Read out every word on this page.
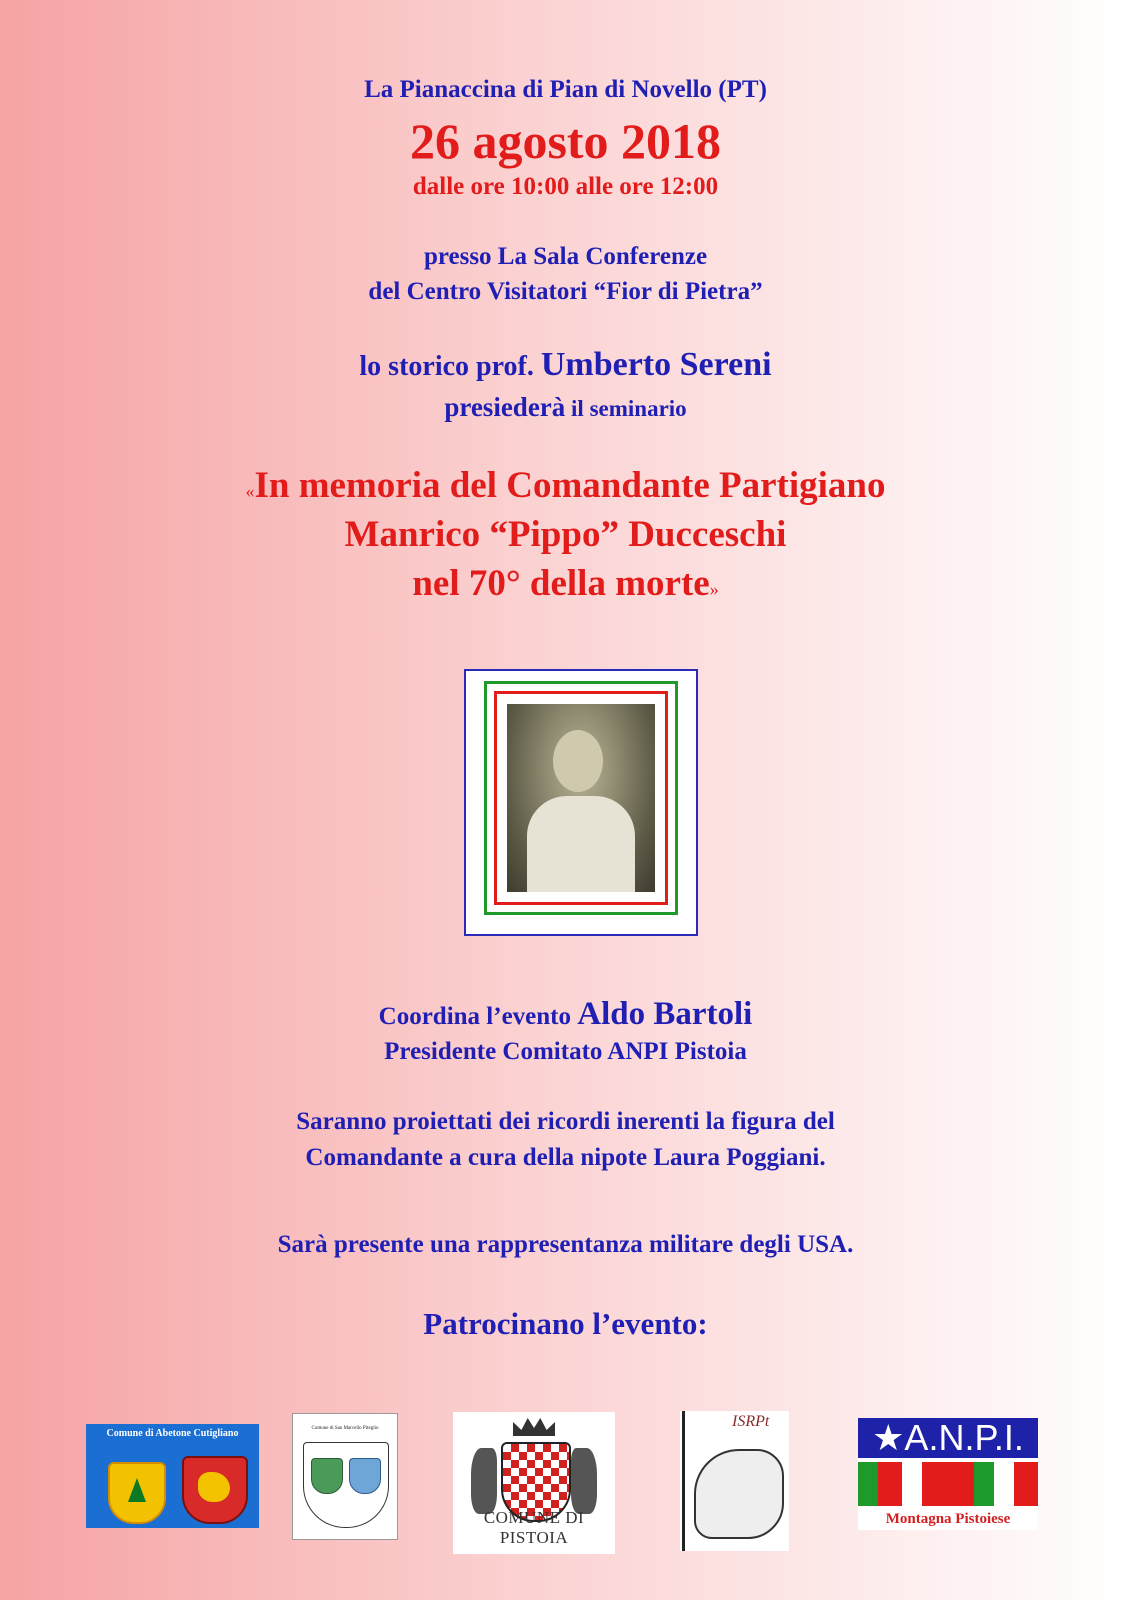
La Pianaccina di Pian di Novello (PT)
26 agosto 2018
dalle ore 10:00 alle ore 12:00
presso La Sala Conferenze
del Centro Visitatori “Fior di Pietra”
lo storico prof. Umberto Sereni
presiederà il seminario
«In memoria del Comandante Partigiano
Manrico “Pippo” Ducceschi
nel 70° della morte»
Coordina l’evento Aldo Bartoli
Presidente Comitato ANPI Pistoia
Saranno proiettati dei ricordi inerenti la figura del
Comandante a cura della nipote Laura Poggiani.
Sarà presente una rappresentanza militare degli USA.
Patrocinano l’evento:
Comune di Abetone Cutigliano	Comune di San Marcello Piteglio
COMUNE DI PISTOIA
ISRPt	★A.N.P.I.
Montagna Pistoiese
